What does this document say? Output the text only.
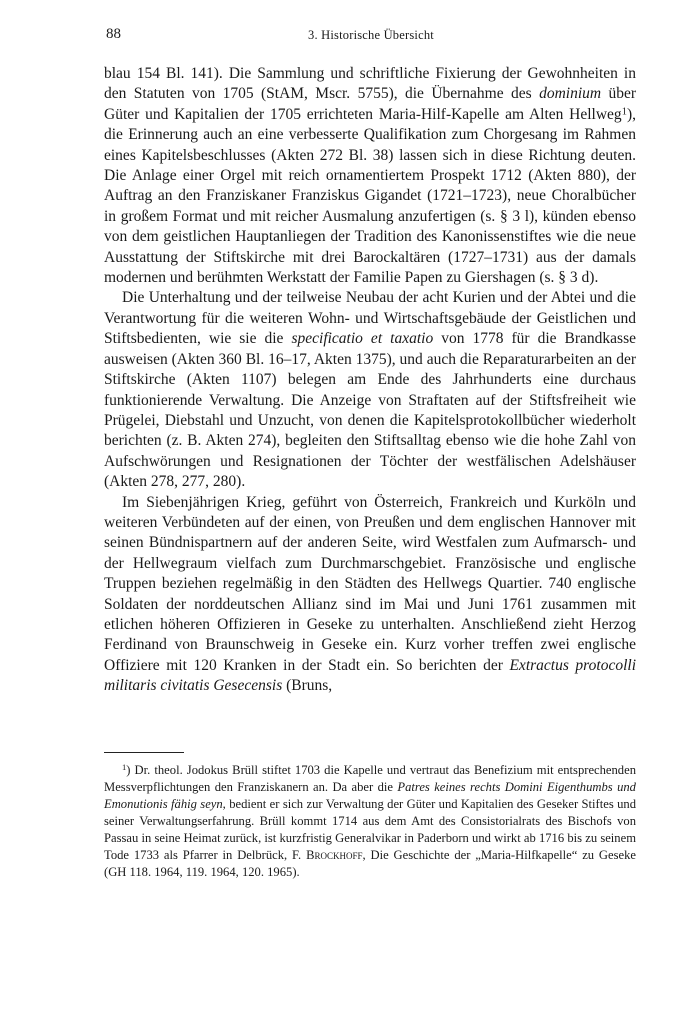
88	3. Historische Übersicht

blau 154 Bl. 141). Die Sammlung und schriftliche Fixierung der Gewohnheiten in den Statuten von 1705 (StAM, Mscr. 5755), die Übernahme des dominium über Güter und Kapitalien der 1705 errichteten Maria-Hilf-Kapelle am Alten Hellweg$^1$), die Erinnerung auch an eine verbesserte Qualifikation zum Chorgesang im Rahmen eines Kapitelsbeschlusses (Akten 272 Bl. 38) lassen sich in diese Richtung deuten. Die Anlage einer Orgel mit reich ornamentiertem Prospekt 1712 (Akten 880), der Auftrag an den Franziskaner Franziskus Gigandet (1721–1723), neue Choralbücher in großem Format und mit reicher Ausmalung anzufertigen (s. § 3 l), künden ebenso von dem geistlichen Hauptanliegen der Tradition des Kanonissenstiftes wie die neue Ausstattung der Stiftskirche mit drei Barockaltären (1727–1731) aus der damals modernen und berühmten Werkstatt der Familie Papen zu Giershagen (s. § 3 d).

Die Unterhaltung und der teilweise Neubau der acht Kurien und der Abtei und die Verantwortung für die weiteren Wohn- und Wirtschaftsgebäude der Geistlichen und Stiftsbedienten, wie sie die specificatio et taxatio von 1778 für die Brandkasse ausweisen (Akten 360 Bl. 16–17, Akten 1375), und auch die Reparaturarbeiten an der Stiftskirche (Akten 1107) belegen am Ende des Jahrhunderts eine durchaus funktionierende Verwaltung. Die Anzeige von Straftaten auf der Stiftsfreiheit wie Prügelei, Diebstahl und Unzucht, von denen die Kapitelsprotokollbücher wiederholt berichten (z. B. Akten 274), begleiten den Stiftsalltag ebenso wie die hohe Zahl von Aufschwörungen und Resignationen der Töchter der westfälischen Adelshäuser (Akten 278, 277, 280).

Im Siebenjährigen Krieg, geführt von Österreich, Frankreich und Kurköln und weiteren Verbündeten auf der einen, von Preußen und dem englischen Hannover mit seinen Bündnispartnern auf der anderen Seite, wird Westfalen zum Aufmarsch- und der Hellwegraum vielfach zum Durchmarschgebiet. Französische und englische Truppen beziehen regelmäßig in den Städten des Hellwegs Quartier. 740 englische Soldaten der norddeutschen Allianz sind im Mai und Juni 1761 zusammen mit etlichen höheren Offizieren in Geseke zu unterhalten. Anschließend zieht Herzog Ferdinand von Braunschweig in Geseke ein. Kurz vorher treffen zwei englische Offiziere mit 120 Kranken in der Stadt ein. So berichten der Extractus protocolli militaris civitatis Gesecensis (Bruns,

$^1$) Dr. theol. Jodokus Brüll stiftet 1703 die Kapelle und vertraut das Benefizium mit entsprechenden Messverpflichtungen den Franziskanern an. Da aber die Patres keines rechts Domini Eigenthumbs und Emonutionis fähig seyn, bedient er sich zur Verwaltung der Güter und Kapitalien des Geseker Stiftes und seiner Verwaltungserfahrung. Brüll kommt 1714 aus dem Amt des Consistorialrats des Bischofs von Passau in seine Heimat zurück, ist kurzfristig Generalvikar in Paderborn und wirkt ab 1716 bis zu seinem Tode 1733 als Pfarrer in Delbrück, F. Brockhoff, Die Geschichte der „Maria-Hilfkapelle“ zu Geseke (GH 118. 1964, 119. 1964, 120. 1965).
